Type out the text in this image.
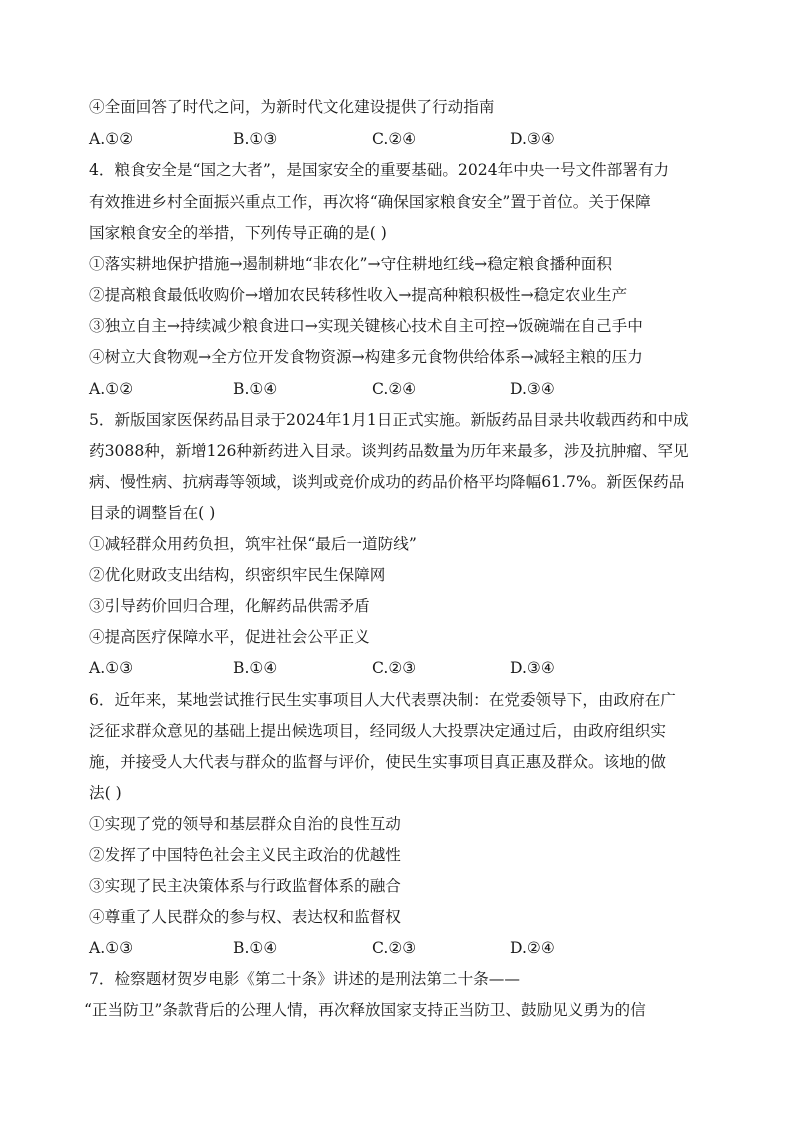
④全面回答了时代之问，为新时代文化建设提供了行动指南
A.①②	B.①③	C.②④	D.③④
4．粮食安全是“国之大者”，是国家安全的重要基础。2024年中央一号文件部署有力
有效推进乡村全面振兴重点工作，再次将“确保国家粮食安全”置于首位。关于保障
国家粮食安全的举措，下列传导正确的是( )
①落实耕地保护措施→遏制耕地“非农化”→守住耕地红线→稳定粮食播种面积
②提高粮食最低收购价→增加农民转移性收入→提高种粮积极性→稳定农业生产
③独立自主→持续减少粮食进口→实现关键核心技术自主可控→饭碗端在自己手中
④树立大食物观→全方位开发食物资源→构建多元食物供给体系→减轻主粮的压力
A.①②	B.①④	C.②④	D.③④
5．新版国家医保药品目录于2024年1月1日正式实施。新版药品目录共收载西药和中成
药3088种，新增126种新药进入目录。谈判药品数量为历年来最多，涉及抗肿瘤、罕见
病、慢性病、抗病毒等领域，谈判或竞价成功的药品价格平均降幅61.7%。新医保药品
目录的调整旨在( )
①减轻群众用药负担，筑牢社保“最后一道防线”
②优化财政支出结构，织密织牢民生保障网
③引导药价回归合理，化解药品供需矛盾
④提高医疗保障水平，促进社会公平正义
A.①③	B.①④	C.②③	D.③④
6．近年来，某地尝试推行民生实事项目人大代表票决制：在党委领导下，由政府在广
泛征求群众意见的基础上提出候选项目，经同级人大投票决定通过后，由政府组织实
施，并接受人大代表与群众的监督与评价，使民生实事项目真正惠及群众。该地的做
法( )
①实现了党的领导和基层群众自治的良性互动
②发挥了中国特色社会主义民主政治的优越性
③实现了民主决策体系与行政监督体系的融合
④尊重了人民群众的参与权、表达权和监督权
A.①③	B.①④	C.②③	D.②④
7．检察题材贺岁电影《第二十条》讲述的是刑法第二十条——
“正当防卫”条款背后的公理人情，再次释放国家支持正当防卫、鼓励见义勇为的信
